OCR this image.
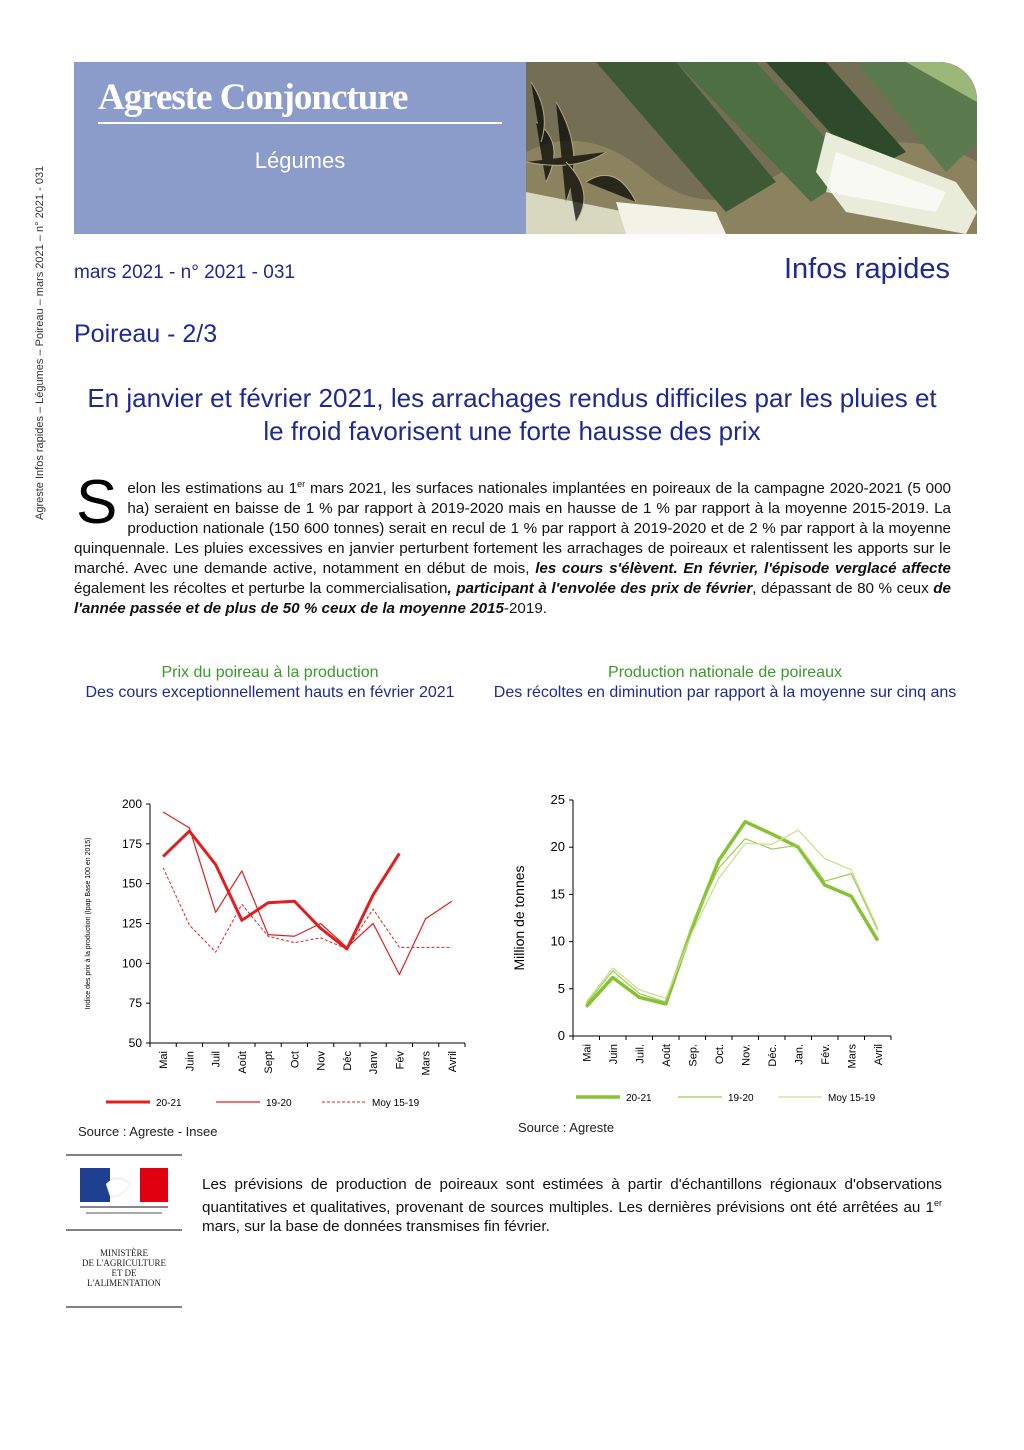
Agreste Infos rapides – Légumes – Poireau – mars 2021 – n° 2021 - 031
Agreste Conjoncture
Légumes
mars 2021 - n° 2021 - 031	Infos rapides
Poireau - 2/3
En janvier et février 2021, les arrachages rendus difficiles par les pluies et le froid favorisent une forte hausse des prix
Selon les estimations au 1er mars 2021, les surfaces nationales implantées en poireaux de la campagne 2020-2021 (5 000 ha) seraient en baisse de 1 % par rapport à 2019-2020 mais en hausse de 1 % par rapport à la moyenne 2015-2019. La production nationale (150 600 tonnes) serait en recul de 1 % par rapport à 2019-2020 et de 2 % par rapport à la moyenne quinquennale. Les pluies excessives en janvier perturbent fortement les arrachages de poireaux et ralentissent les apports sur le marché. Avec une demande active, notamment en début de mois, les cours s'élèvent. En février, l'épisode verglacé affecte également les récoltes et perturbe la commercialisation, participant à l'envolée des prix de février, dépassant de 80 % ceux de l'année passée et de plus de 50 % ceux de la moyenne 2015-2019.
Prix du poireau à la production
Des cours exceptionnellement hauts en février 2021
Production nationale de poireaux
Des récoltes en diminution par rapport à la moyenne sur cinq ans
50
75
100
125
150
175
200
Mai Juin Juil Août Sept Oct Nov Déc Janv Fév Mars Avril
Indice des prix à la production (Ipap Base 100 en 2015)
20-21	19-20	Moy 15-19
0
5
10
15
20
25
Mai Juin Juil. Août Sep. Oct. Nov. Déc. Jan. Fév. Mars Avril
Million de tonnes
20-21	19-20	Moy 15-19
Source : Agreste - Insee	Source : Agreste
MINISTÈRE
DE L'AGRICULTURE
ET DE
L'ALIMENTATION
Les prévisions de production de poireaux sont estimées à partir d'échantillons régionaux d'observations quantitatives et qualitatives, provenant de sources multiples. Les dernières prévisions ont été arrêtées au 1er mars, sur la base de données transmises fin février.
